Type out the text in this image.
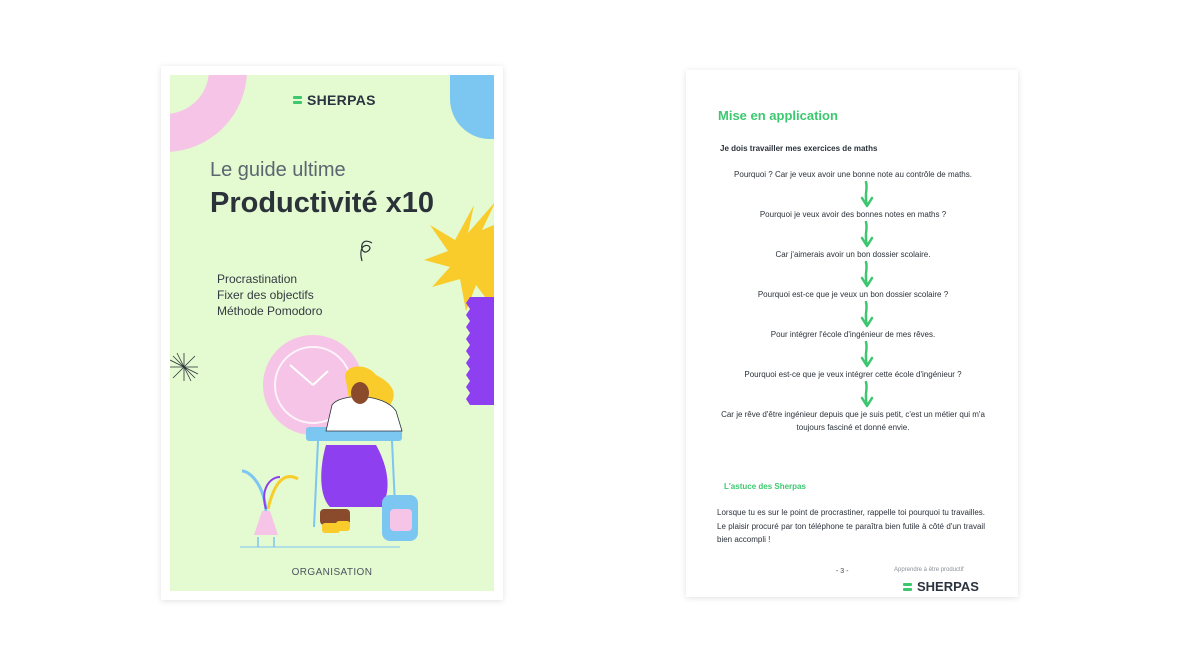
SHERPAS
Le guide ultime
Productivité x10
Procrastination
Fixer des objectifs
Méthode Pomodoro
ORGANISATION
Mise en application
Je dois travailler mes exercices de maths
Pourquoi ? Car je veux avoir une bonne note au contrôle de maths.
Pourquoi je veux avoir des bonnes notes en maths ?
Car j'aimerais avoir un bon dossier scolaire.
Pourquoi est-ce que je veux un bon dossier scolaire ?
Pour intégrer l'école d'ingénieur de mes rêves.
Pourquoi est-ce que je veux intégrer cette école d'ingénieur ?
Car je rêve d'être ingénieur depuis que je suis petit, c'est un métier qui m'a toujours fasciné et donné envie.
L'astuce des Sherpas
Lorsque tu es sur le point de procrastiner, rappelle toi pourquoi tu travailles. Le plaisir procuré par ton téléphone te paraîtra bien futile à côté d'un travail bien accompli !
- 3 -	Apprendre à être productif
SHERPAS
